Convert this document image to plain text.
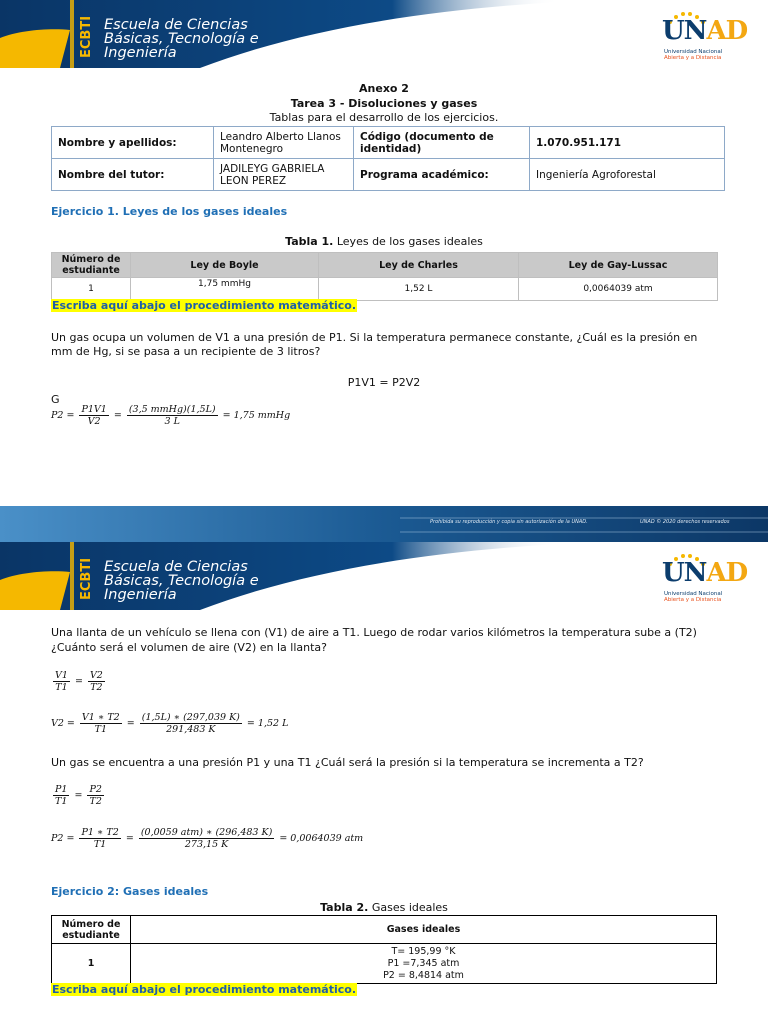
ECBTI Escuela de Ciencias
Básicas, Tecnología e
Ingeniería
UNAD
Universidad Nacional
Abierta y a Distancia
Anexo 2
Tarea 3 - Disoluciones y gases
Tablas para el desarrollo de los ejercicios.
Nombre y apellidos:	Leandro Alberto Llanos Montenegro	Código (documento de identidad)	1.070.951.171
Nombre del tutor:	JADILEYG GABRIELA LEON PEREZ	Programa académico:	Ingeniería Agroforestal
Ejercicio 1. Leyes de los gases ideales
Tabla 1. Leyes de los gases ideales
Número de estudiante	Ley de Boyle	Ley de Charles	Ley de Gay-Lussac
1	1,75 mmHg	1,52 L	0,0064039 atm
Escriba aquí abajo el procedimiento matemático.
Un gas ocupa un volumen de V1 a una presión de P1. Si la temperatura permanece constante, ¿Cuál es la presión en mm de Hg, si se pasa a un recipiente de 3 litros?
P1V1 = P2V2
G
$P2 = \frac{P1V1}{V2} = \frac{\text{(3,5 mmHg)(1,5L)}}{3 L} = 1,75$ mmHg
Prohibida su reproducción y copia sin autorización de la UNAD.	UNAD © 2020 derechos reservados
ECBTI Escuela de Ciencias
Básicas, Tecnología e
Ingeniería
UNAD
Universidad Nacional
Abierta y a Distancia
Una llanta de un vehículo se llena con (V1) de aire a T1. Luego de rodar varios kilómetros la temperatura sube a (T2)
¿Cuánto será el volumen de aire (V2) en la llanta?
$\frac{V1}{T1} = \frac{V2}{T2}$
$V2 = \frac{V1 ∗ T2}{T1} = \frac{(1,5L) ∗ (297,039 K)}{291,483 K} = 1,52$ L
Un gas se encuentra a una presión P1 y una T1 ¿Cuál será la presión si la temperatura se incrementa a T2?
$\frac{P1}{T1} = \frac{P2}{T2}$
$P2 = \frac{P1 ∗ T2}{T1} = \frac{\text{(0,0059 atm) ∗ (296,483 K)}}{273,15 K} = 0,0064039$ atm
Ejercicio 2: Gases ideales
Tabla 2. Gases ideales
Número de estudiante	Gases ideales
1	T= 195,99 °K
P1 =7,345 atm
P2 = 8,4814 atm
Escriba aquí abajo el procedimiento matemático.
